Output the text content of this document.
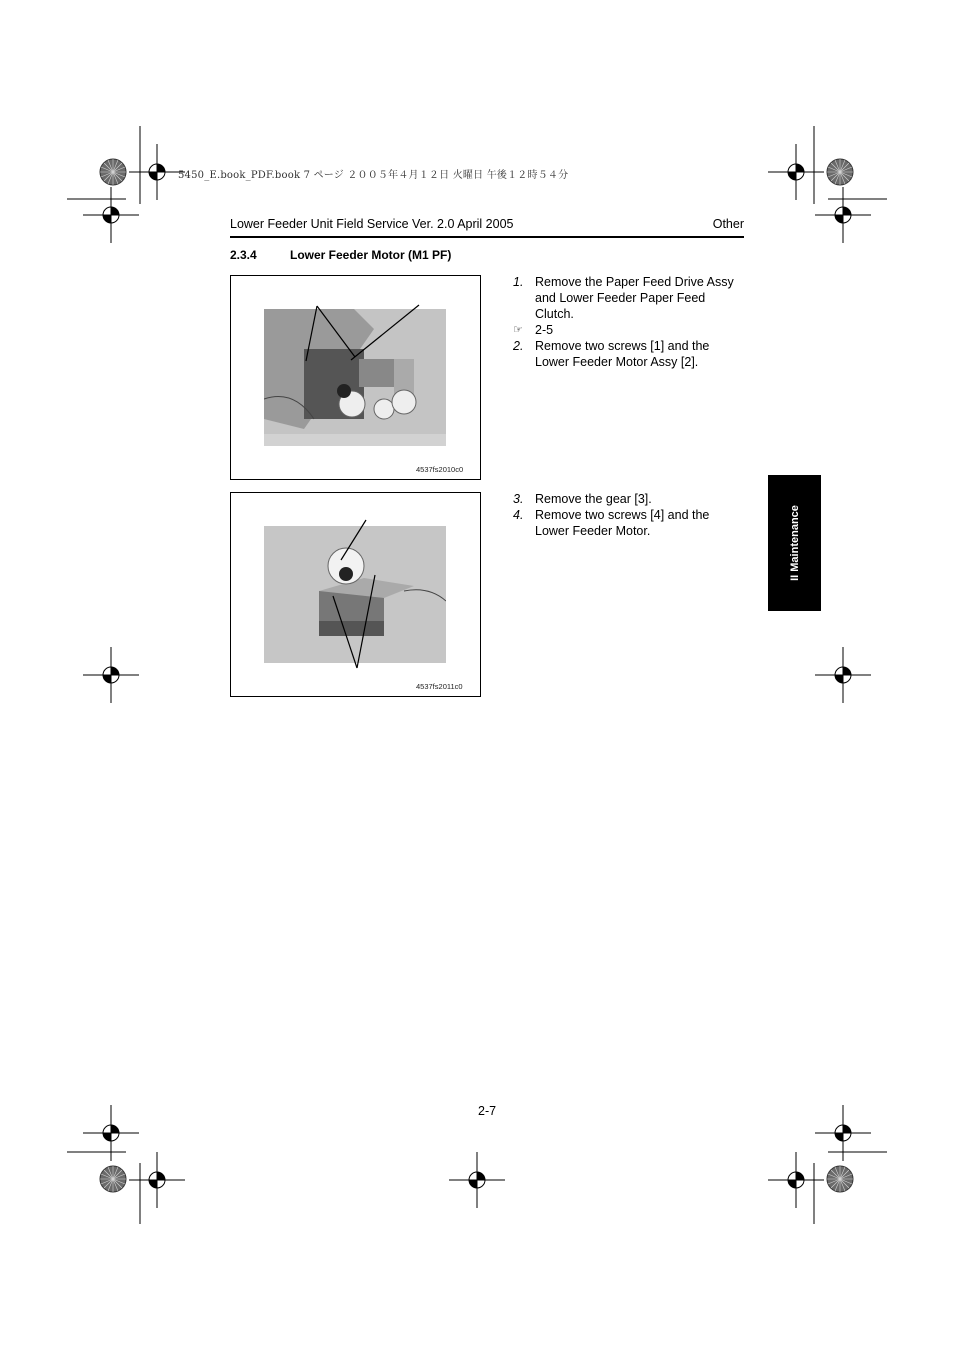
5450_E.book_PDF.book 7 ページ ２００５年４月１２日 火曜日 午後１２時５４分
Lower Feeder Unit Field Service Ver. 2.0 April 2005	Other
2.3.4	Lower Feeder Motor (M1 PF)
4537fs2010c0
4537fs2011c0
1. Remove the Paper Feed Drive Assy and Lower Feeder Paper Feed Clutch.
☞ 2-5
2. Remove two screws [1] and the Lower Feeder Motor Assy [2].
3. Remove the gear [3].
4. Remove two screws [4] and the Lower Feeder Motor.	II Maintenance
2-7
